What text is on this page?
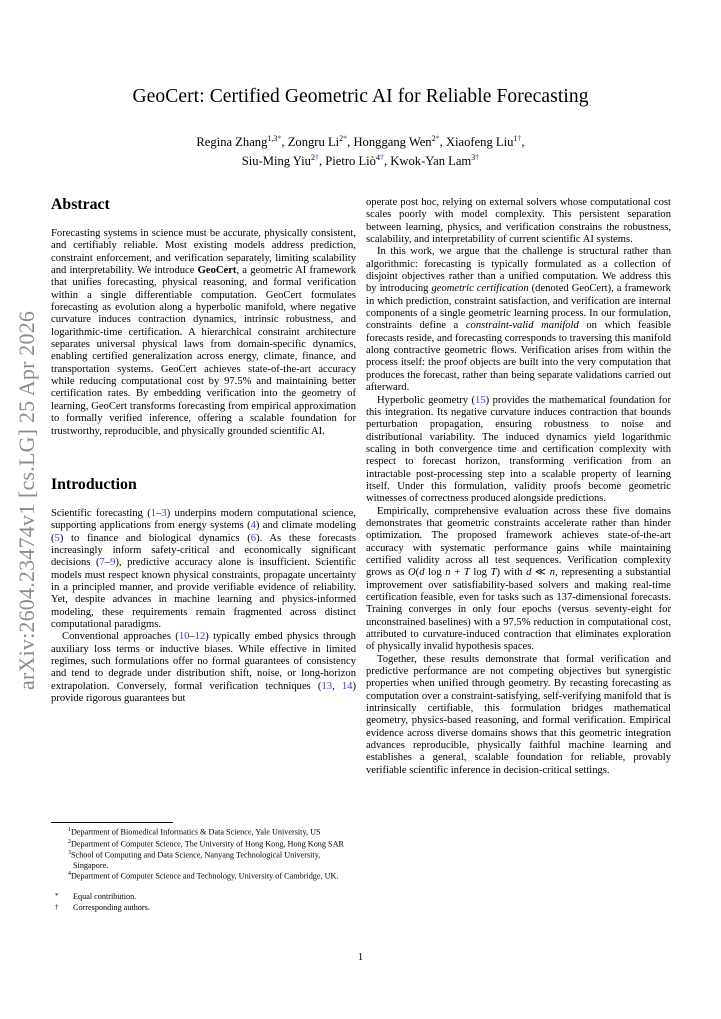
arXiv:2604.23474v1 [cs.LG] 25 Apr 2026
GeoCert: Certified Geometric AI for Reliable Forecasting
Regina Zhang$^{1,3*}$, Zongru $Li^{2*}$, Honggang Wen$^{2*}$, Xiaofeng Liu$^{1\dagger}$,
Siu-Ming Yiu$^{2\dagger}$, Pietro Liò$^{4\dagger}$, Kwok-Yan Lam$^{3\dagger}$
Abstract
Forecasting systems in science must be accurate, physically consistent, and certifiably reliable. Most existing models address prediction, constraint enforcement, and verification separately, limiting scalability and interpretability. We introduce GeoCert, a geometric AI framework that unifies forecasting, physical reasoning, and formal verification within a single differentiable computation. GeoCert formulates forecasting as evolution along a hyperbolic manifold, where negative curvature induces contraction dynamics, intrinsic robustness, and logarithmic-time certification. A hierarchical constraint architecture separates universal physical laws from domain-specific dynamics, enabling certified generalization across energy, climate, finance, and transportation systems. GeoCert achieves state-of-the-art accuracy while reducing computational cost by 97.5% and maintaining better certification rates. By embedding verification into the geometry of learning, GeoCert transforms forecasting from empirical approximation to formally verified inference, offering a scalable foundation for trustworthy, reproducible, and physically grounded scientific AI.
Introduction
Scientific forecasting (1–3) underpins modern computational science, supporting applications from energy systems (4) and climate modeling (5) to finance and biological dynamics (6). As these forecasts increasingly inform safety-critical and economically significant decisions (7–9), predictive accuracy alone is insufficient. Scientific models must respect known physical constraints, propagate uncertainty in a principled manner, and provide verifiable evidence of reliability. Yet, despite advances in machine learning and physics-informed modeling, these requirements remain fragmented across distinct computational paradigms.
Conventional approaches (10–12) typically embed physics through auxiliary loss terms or inductive biases. While effective in limited regimes, such formulations offer no formal guarantees of consistency and tend to degrade under distribution shift, noise, or long-horizon extrapolation. Conversely, formal verification techniques (13, 14) provide rigorous guarantees but
operate post hoc, relying on external solvers whose computational cost scales poorly with model complexity. This persistent separation between learning, physics, and verification constrains the robustness, scalability, and interpretability of current scientific AI systems.
In this work, we argue that the challenge is structural rather than algorithmic: forecasting is typically formulated as a collection of disjoint objectives rather than a unified computation. We address this by introducing geometric certification (denoted GeoCert), a framework in which prediction, constraint satisfaction, and verification are internal components of a single geometric learning process. In our formulation, constraints define a constraint-valid manifold on which feasible forecasts reside, and forecasting corresponds to traversing this manifold along contractive geometric flows. Verification arises from within the process itself: the proof objects are built into the very computation that produces the forecast, rather than being separate validations carried out afterward.
Hyperbolic geometry (15) provides the mathematical foundation for this integration. Its negative curvature induces contraction that bounds perturbation propagation, ensuring robustness to noise and distributional variability. The induced dynamics yield logarithmic scaling in both convergence time and certification complexity with respect to forecast horizon, transforming verification from an intractable post-processing step into a scalable property of learning itself. Under this formulation, validity proofs become geometric witnesses of correctness produced alongside predictions.
Empirically, comprehensive evaluation across these five domains demonstrates that geometric constraints accelerate rather than hinder optimization. The proposed framework achieves state-of-the-art accuracy with systematic performance gains while maintaining certified validity across all test sequences. Verification complexity grows as O(d log n + T log T) with d ≪ n, representing a substantial improvement over satisfiability-based solvers and making real-time certification feasible, even for tasks such as 137-dimensional forecasts. Training converges in only four epochs (versus seventy-eight for unconstrained baselines) with a 97.5% reduction in computational cost, attributed to curvature-induced contraction that eliminates exploration of physically invalid hypothesis spaces.
Together, these results demonstrate that formal verification and predictive performance are not competing objectives but synergistic properties when unified through geometry. By recasting forecasting as computation over a constraint-satisfying, self-verifying manifold that is intrinsically certifiable, this formulation bridges mathematical geometry, physics-based reasoning, and formal verification. Empirical evidence across diverse domains shows that this geometric integration advances reproducible, physically faithful machine learning and establishes a general, scalable foundation for reliable, provably verifiable scientific inference in decision-critical settings.
$^1$Department of Biomedical Informatics & Data Science, Yale University, US
$^2$Department of Computer Science, The University of Hong Kong, Hong Kong SAR
$^3$School of Computing and Data Science, Nanyang Technological University, Singapore.
$^4$Department of Computer Science and Technology, University of Cambridge, UK.
* Equal contribution.
† Corresponding authors.
1
